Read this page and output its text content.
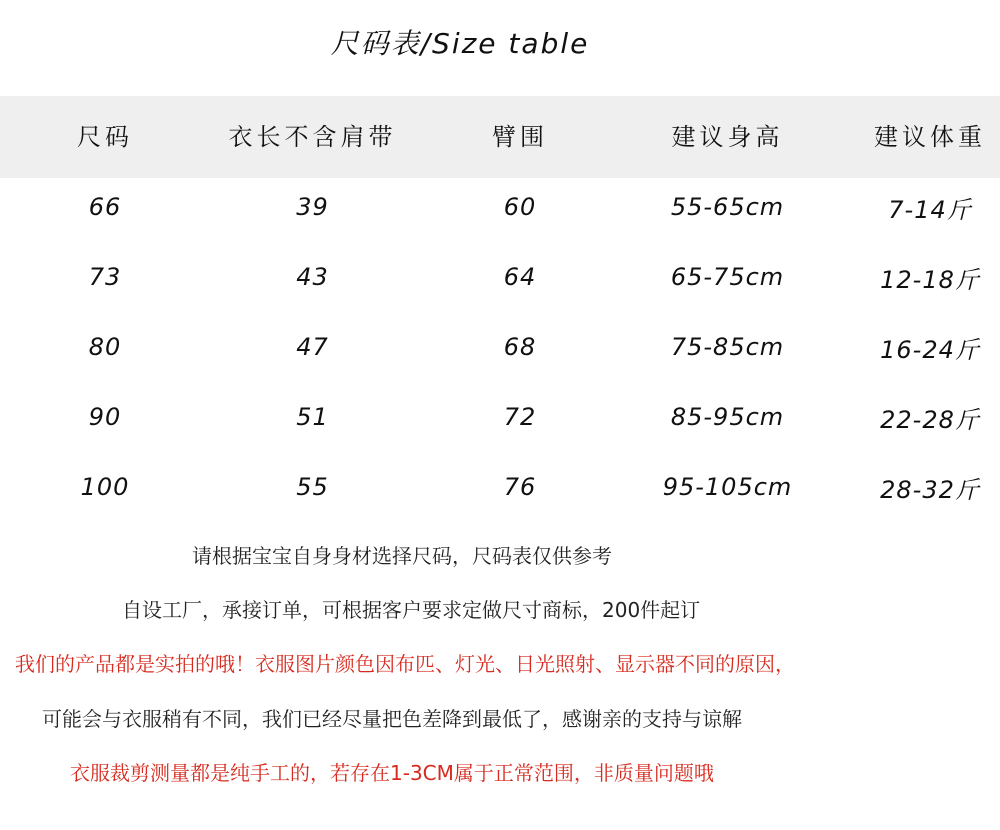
尺码表/Size table
尺码	衣长不含肩带	臂围	建议身高	建议体重
66	39	60	55-65cm	7-14斤
73	43	64	65-75cm	12-18斤
80	47	68	75-85cm	16-24斤
90	51	72	85-95cm	22-28斤
100	55	76	95-105cm	28-32斤
请根据宝宝自身身材选择尺码，尺码表仅供参考
自设工厂，承接订单，可根据客户要求定做尺寸商标，200件起订
我们的产品都是实拍的哦！衣服图片颜色因布匹、灯光、日光照射、显示器不同的原因，
可能会与衣服稍有不同，我们已经尽量把色差降到最低了，感谢亲的支持与谅解
衣服裁剪测量都是纯手工的，若存在1-3CM属于正常范围，非质量问题哦
